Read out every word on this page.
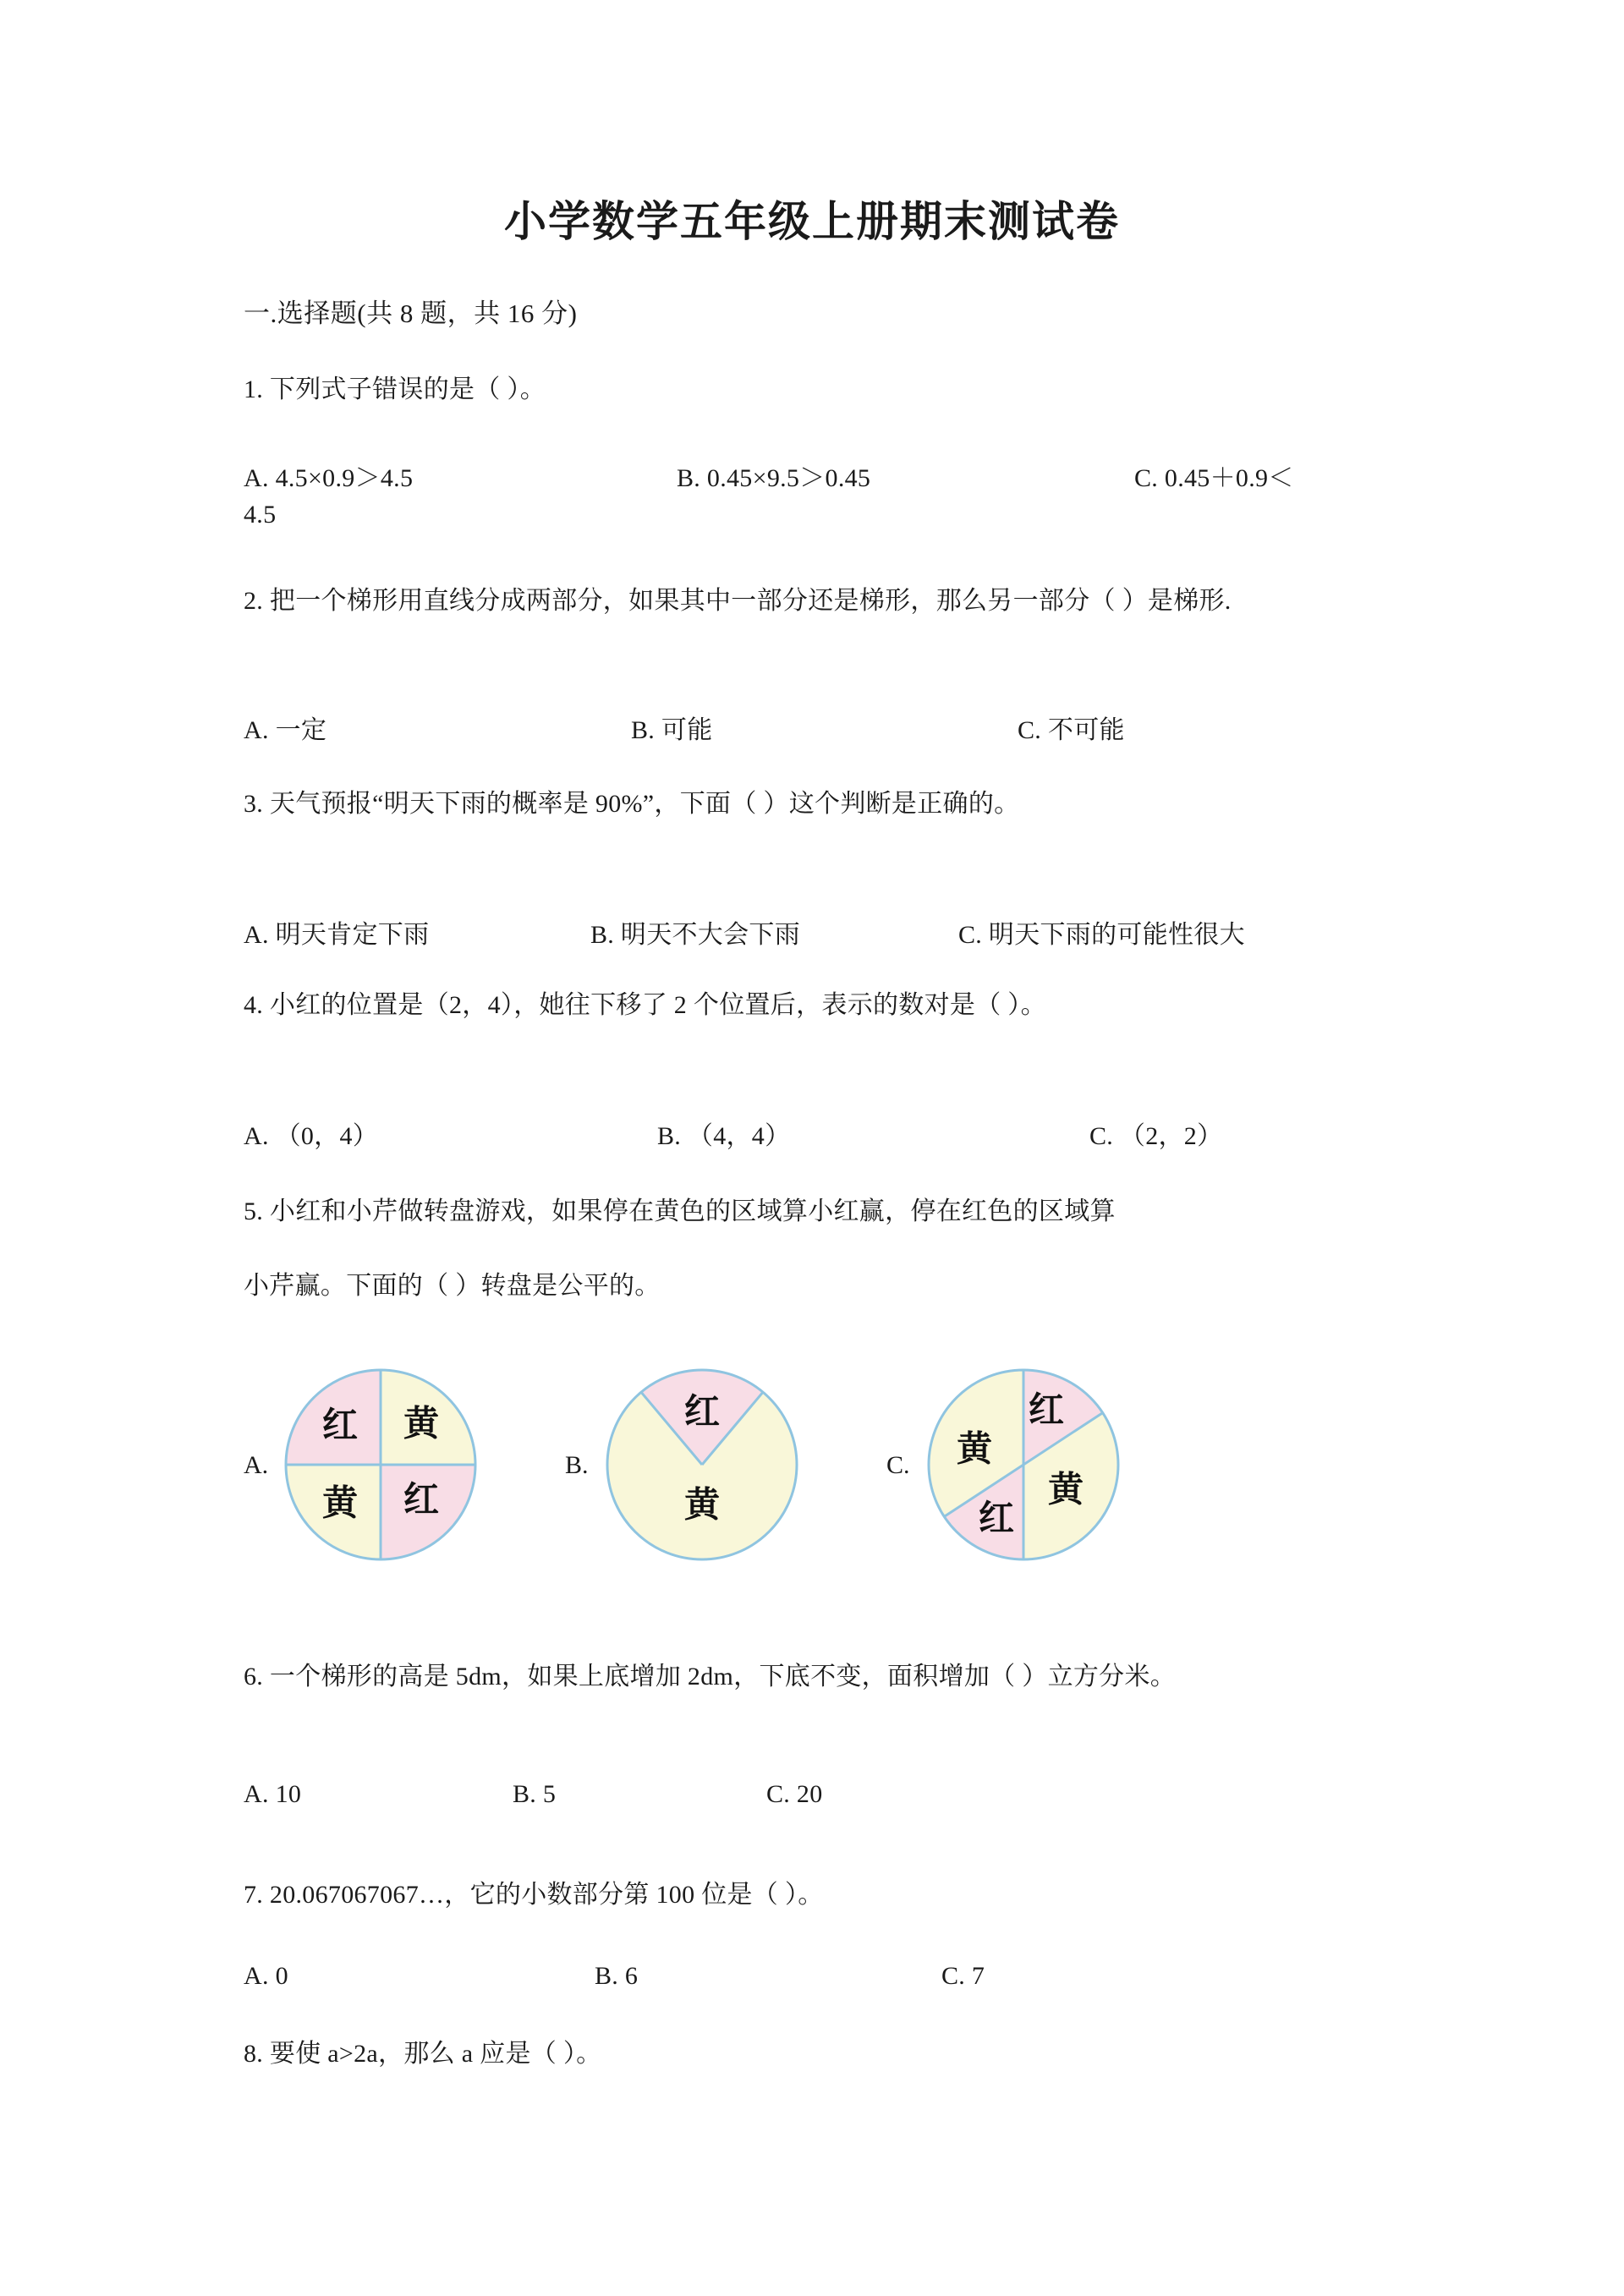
小学数学五年级上册期末测试卷
一.选择题(共 8 题，共 16 分)
1. 下列式子错误的是（ ）。
A. 4.5×0.9＞4.5	B. 0.45×9.5＞0.45	C. 0.45＋0.9＜
4.5
2. 把一个梯形用直线分成两部分，如果其中一部分还是梯形，那么另一部分（ ）是梯形.
A. 一定	B. 可能	C. 不可能
3. 天气预报“明天下雨的概率是 90%”，下面（ ）这个判断是正确的。
A. 明天肯定下雨	B. 明天不大会下雨	C. 明天下雨的可能性很大
4. 小红的位置是（2，4），她往下移了 2 个位置后，表示的数对是（ ）。
A. （0，4）	B. （4，4）	C. （2，2）
5. 小红和小芹做转盘游戏，如果停在黄色的区域算小红赢，停在红色的区域算
小芹赢。下面的（ ）转盘是公平的。
A.
红 黄
黄 红
B.
红
黄
C. 黄
红
黄
红
6. 一个梯形的高是 5dm，如果上底增加 2dm，下底不变，面积增加（ ）立方分米。
A. 10	B. 5	C. 20
7. 20.067067067…，它的小数部分第 100 位是（ ）。
A. 0	B. 6	C. 7
8. 要使 a>2a，那么 a 应是（ ）。
